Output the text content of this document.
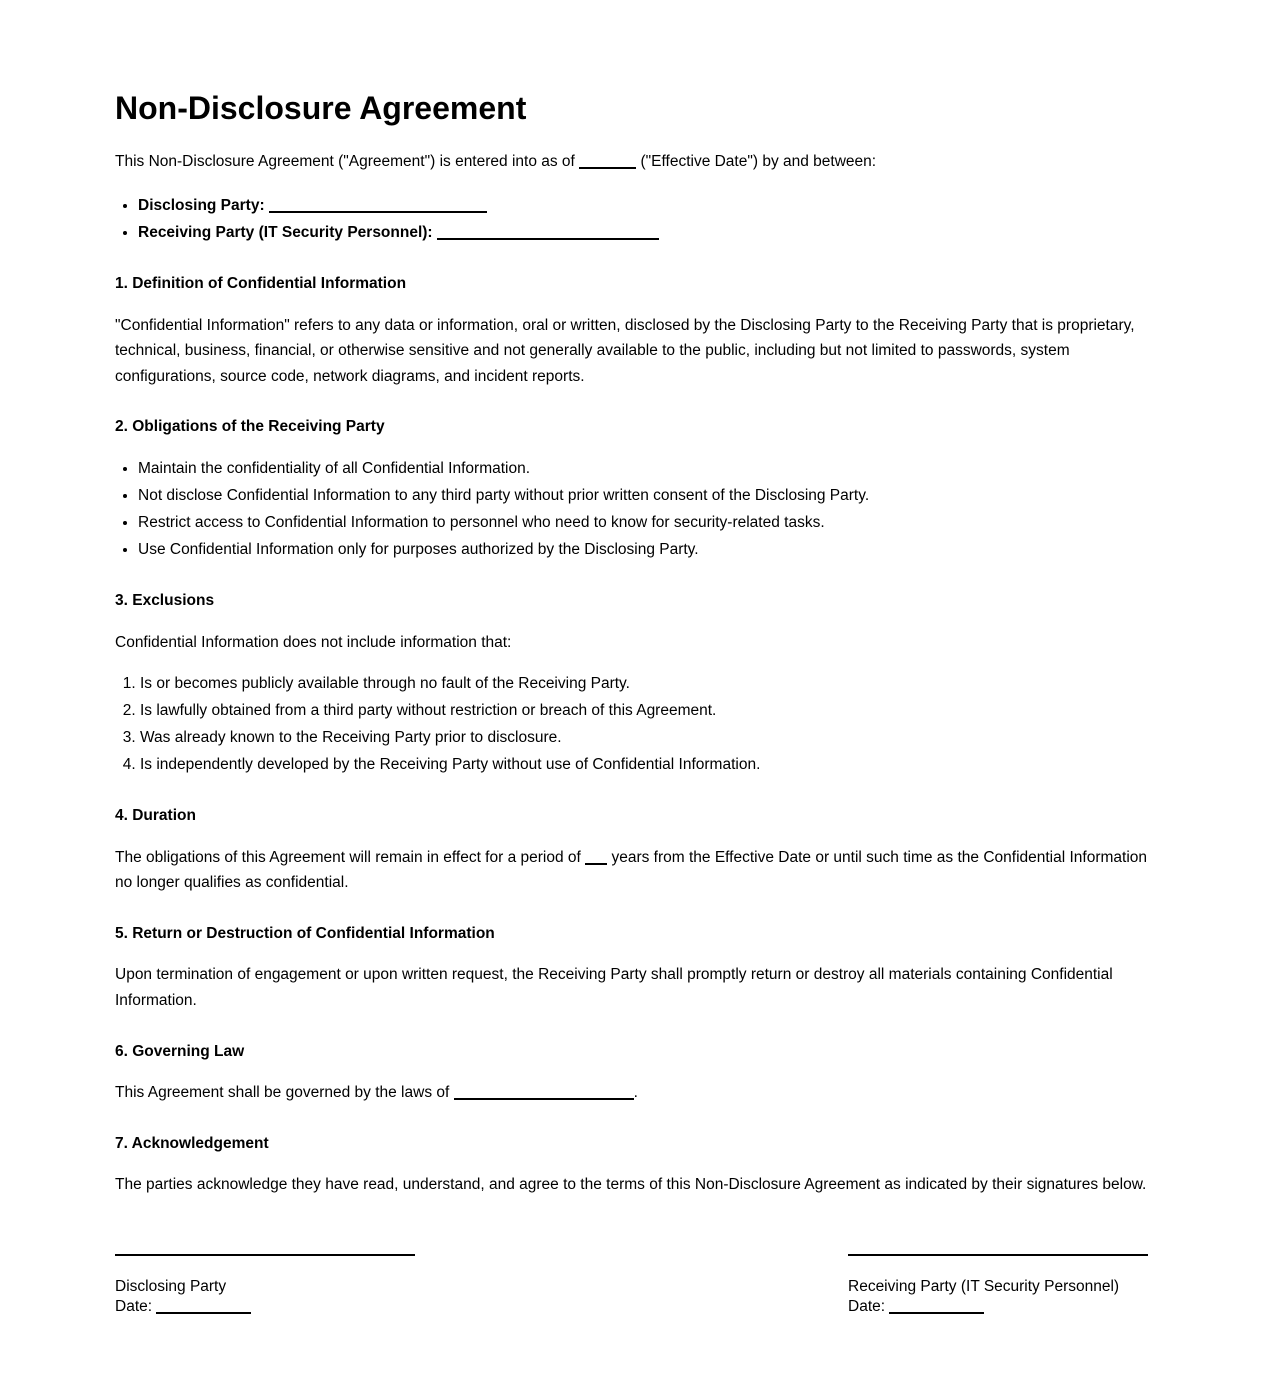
Non-Disclosure Agreement

This Non-Disclosure Agreement ("Agreement") is entered into as of	("Effective Date") by and between:

• Disclosing Party:
• Receiving Party (IT Security Personnel):
1. Definition of Confidential Information

"Confidential Information" refers to any data or information, oral or written, disclosed by the Disclosing Party to the Receiving Party that is proprietary, technical, business, financial, or otherwise sensitive and not generally available to the public, including but not limited to passwords, system configurations, source code, network diagrams, and incident reports.

2. Obligations of the Receiving Party
• Maintain the confidentiality of all Confidential Information.
• Not disclose Confidential Information to any third party without prior written consent of the Disclosing Party.
• Restrict access to Confidential Information to personnel who need to know for security-related tasks.
• Use Confidential Information only for purposes authorized by the Disclosing Party.
3. Exclusions

Confidential Information does not include information that:

1. Is or becomes publicly available through no fault of the Receiving Party.
2. Is lawfully obtained from a third party without restriction or breach of this Agreement.
3. Was already known to the Receiving Party prior to disclosure.
4. Is independently developed by the Receiving Party without use of Confidential Information.
4. Duration

The obligations of this Agreement will remain in effect for a period of years from the Effective Date or until such time as the Confidential Information no longer qualifies as confidential.

5. Return or Destruction of Confidential Information

Upon termination of engagement or upon written request, the Receiving Party shall promptly return or destroy all materials containing Confidential Information.

6. Governing Law

This Agreement shall be governed by the laws of	.

7. Acknowledgement

The parties acknowledge they have read, understand, and agree to the terms of this Non-Disclosure Agreement as indicated by their signatures below.

Disclosing Party
Date:

Receiving Party (IT Security Personnel)
Date:
